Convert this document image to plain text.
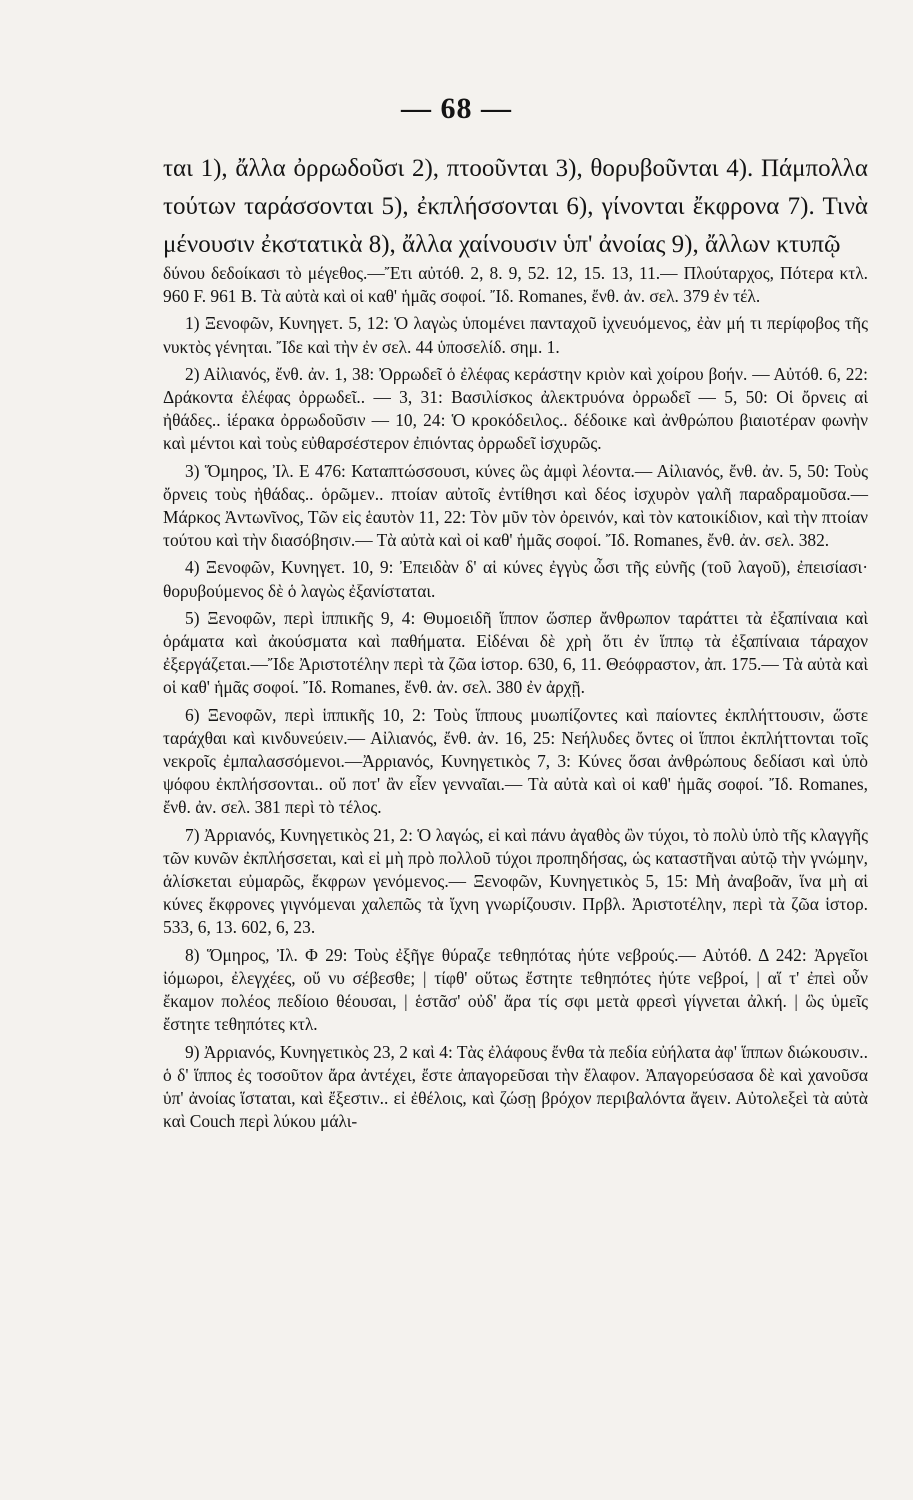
— 68 —

ται 1), ἄλλα ὀρρωδοῦσι 2), πτοοῦνται 3), θορυβοῦνται 4). Πάμπολλα τούτων ταράσσονται 5), ἐκπλήσσονται 6), γίνονται ἔκφρονα 7). Τινὰ μένουσιν ἐκστατικὰ 8), ἄλλα χαίνουσιν ὑπ' ἀνοίας 9), ἄλλων κτυπῷ

δύνου δεδοίκασι τὸ μέγεθος.—Ἔτι αὐτόθ. 2, 8. 9, 52. 12, 15. 13, 11.— Πλούταρχος, Πότερα κτλ. 960 F. 961 B. Τὰ αὐτὰ καὶ οἱ καθ' ἡμᾶς σοφοί. Ἴδ. Romanes, ἔνθ. ἀν. σελ. 379 ἐν τέλ.

1) Ξενοφῶν, Κυνηγετ. 5, 12: Ὁ λαγὼς ὑπομένει πανταχοῦ ἰχνευόμενος, ἐὰν μή τι περίφοβος τῆς νυκτὸς γένηται. Ἴδε καὶ τὴν ἐν σελ. 44 ὑποσελίδ. σημ. 1.

2) Αἰλιανός, ἔνθ. ἀν. 1, 38: Ὀρρωδεῖ ὁ ἐλέφας κεράστην κριὸν καὶ χοίρου βοήν. — Αὐτόθ. 6, 22: Δράκοντα ἐλέφας ὀρρωδεῖ.. — 3, 31: Βασιλίσκος ἀλεκτρυόνα ὀρρωδεῖ — 5, 50: Οἱ ὄρνεις αἱ ἠθάδες.. ἱέρακα ὀρρωδοῦσιν — 10, 24: Ὁ κροκόδειλος.. δέδοικε καὶ ἀνθρώπου βιαιοτέραν φωνὴν καὶ μέντοι καὶ τοὺς εὐθαρσέστερον ἐπιόντας ὀρρωδεῖ ἰσχυρῶς.

3) Ὅμηρος, Ἰλ. Ε 476: Καταπτώσσουσι, κύνες ὣς ἀμφὶ λέοντα.— Αἰλιανός, ἔνθ. ἀν. 5, 50: Τοὺς ὄρνεις τοὺς ἠθάδας.. ὁρῶμεν.. πτοίαν αὐτοῖς ἐντίθησι καὶ δέος ἰσχυρὸν γαλῆ παραδραμοῦσα.— Μάρκος Ἀντωνῖνος, Τῶν εἰς ἑαυτὸν 11, 22: Τὸν μῦν τὸν ὀρεινόν, καὶ τὸν κατοικίδιον, καὶ τὴν πτοίαν τούτου καὶ τὴν διασόβησιν.— Τὰ αὐτὰ καὶ οἱ καθ' ἡμᾶς σοφοί. Ἴδ. Romanes, ἔνθ. ἀν. σελ. 382.

4) Ξενοφῶν, Κυνηγετ. 10, 9: Ἐπειδὰν δ' αἱ κύνες ἐγγὺς ὦσι τῆς εὐνῆς (τοῦ λαγοῦ), ἐπεισίασι· θορυβούμενος δὲ ὁ λαγὼς ἐξανίσταται.

5) Ξενοφῶν, περὶ ἱππικῆς 9, 4: Θυμοειδῆ ἵππον ὥσπερ ἄνθρωπον ταράττει τὰ ἐξαπίναια καὶ ὁράματα καὶ ἀκούσματα καὶ παθήματα. Εἰδέναι δὲ χρὴ ὅτι ἐν ἵππῳ τὰ ἐξαπίναια τάραχον ἐξεργάζεται.—Ἴδε Ἀριστοτέλην περὶ τὰ ζῶα ἱστορ. 630, 6, 11. Θεόφραστον, ἀπ. 175.— Τὰ αὐτὰ καὶ οἱ καθ' ἡμᾶς σοφοί. Ἴδ. Romanes, ἔνθ. ἀν. σελ. 380 ἐν ἀρχῇ.

6) Ξενοφῶν, περὶ ἱππικῆς 10, 2: Τοὺς ἵππους μυωπίζοντες καὶ παίοντες ἐκπλήττουσιν, ὥστε ταράχθαι καὶ κινδυνεύειν.— Αἰλιανός, ἔνθ. ἀν. 16, 25: Νεήλυδες ὄντες οἱ ἵπποι ἐκπλήττονται τοῖς νεκροῖς ἐμπαλασσόμενοι.—Ἀρριανός, Κυνηγετικὸς 7, 3: Κύνες ὅσαι ἀνθρώπους δεδίασι καὶ ὑπὸ ψόφου ἐκπλήσσονται.. οὔ ποτ' ἂν εἶεν γενναῖαι.— Τὰ αὐτὰ καὶ οἱ καθ' ἡμᾶς σοφοί. Ἴδ. Romanes, ἔνθ. ἀν. σελ. 381 περὶ τὸ τέλος.

7) Ἀρριανός, Κυνηγετικὸς 21, 2: Ὁ λαγώς, εἰ καὶ πάνυ ἀγαθὸς ὢν τύχοι, τὸ πολὺ ὑπὸ τῆς κλαγγῆς τῶν κυνῶν ἐκπλήσσεται, καὶ εἰ μὴ πρὸ πολλοῦ τύχοι προπηδήσας, ὡς καταστῆναι αὐτῷ τὴν γνώμην, ἁλίσκεται εὐμαρῶς, ἔκφρων γενόμενος.— Ξενοφῶν, Κυνηγετικὸς 5, 15: Μὴ ἀναβοᾶν, ἵνα μὴ αἱ κύνες ἔκφρονες γιγνόμεναι χαλεπῶς τὰ ἴχνη γνωρίζουσιν. Πρβλ. Ἀριστοτέλην, περὶ τὰ ζῶα ἱστορ. 533, 6, 13. 602, 6, 23.

8) Ὅμηρος, Ἰλ. Φ 29: Τοὺς ἐξῆγε θύραζε τεθηπότας ἠύτε νεβρούς.— Αὐτόθ. Δ 242: Ἀργεῖοι ἰόμωροι, ἐλεγχέες, οὔ νυ σέβεσθε; | τίφθ' οὕτως ἔστητε τεθηπότες ἠύτε νεβροί, | αἵ τ' ἐπεὶ οὖν ἔκαμον πολέος πεδίοιο θέουσαι, | ἑστᾶσ' οὐδ' ἄρα τίς σφι μετὰ φρεσὶ γίγνεται ἀλκή. | ὣς ὑμεῖς ἔστητε τεθηπότες κτλ.

9) Ἀρριανός, Κυνηγετικὸς 23, 2 καὶ 4: Τὰς ἐλάφους ἔνθα τὰ πεδία εὐήλατα ἀφ' ἵππων διώκουσιν.. ὁ δ' ἵππος ἐς τοσοῦτον ἄρα ἀντέχει, ἔστε ἀπαγορεῦσαι τὴν ἔλαφον. Ἀπαγορεύσασα δὲ καὶ χανοῦσα ὑπ' ἀνοίας ἵσταται, καὶ ἔξεστιν.. εἰ ἐθέλοις, καὶ ζώσῃ βρόχον περιβαλόντα ἄγειν. Αὐτολεξεὶ τὰ αὐτὰ καὶ Couch περὶ λύκου μάλι-
